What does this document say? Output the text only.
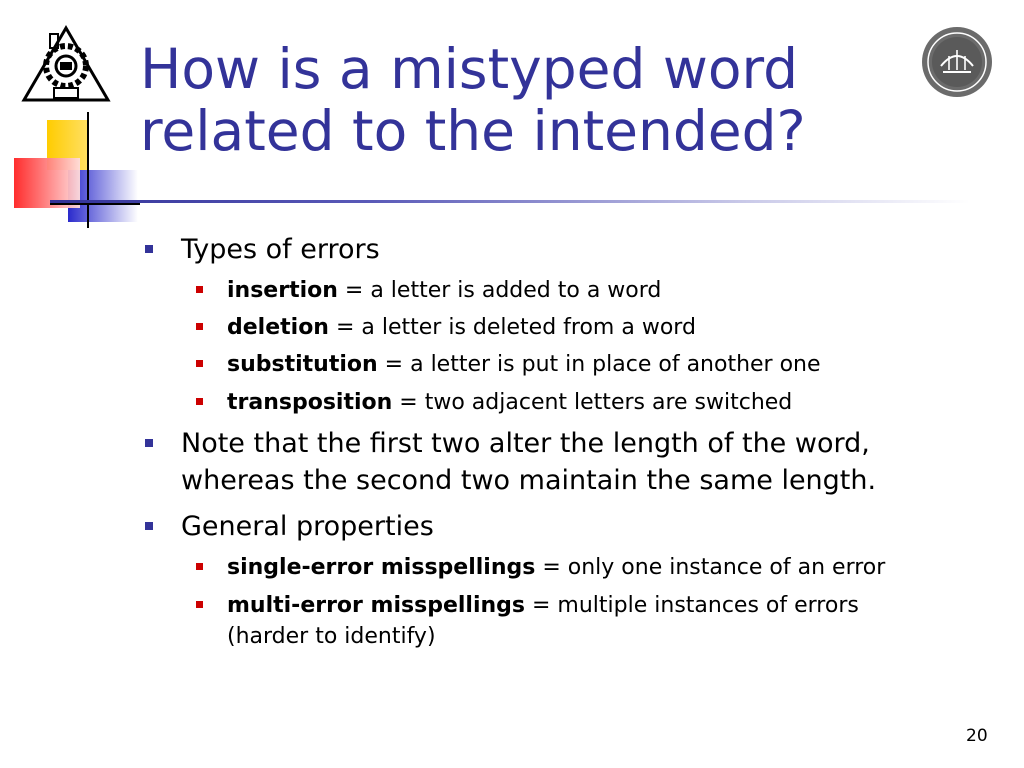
How is a mistyped word
related to the intended?
Types of errors
insertion = a letter is added to a word
deletion = a letter is deleted from a word
substitution = a letter is put in place of another one
transposition = two adjacent letters are switched
Note that the first two alter the length of the word,
whereas the second two maintain the same length.
General properties
single-error misspellings = only one instance of an error
multi-error misspellings = multiple instances of errors
(harder to identify)
20
